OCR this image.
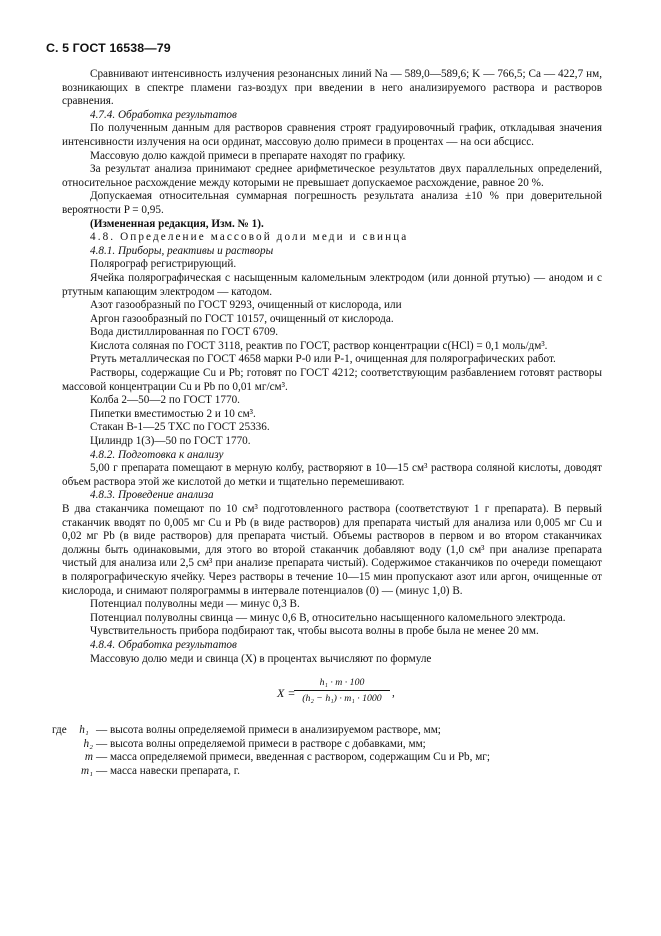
С. 5 ГОСТ 16538—79

Сравнивают интенсивность излучения резонансных линий Na — 589,0—589,6; K — 766,5; Ca — 422,7 нм, возникающих в спектре пламени газ-воздух при введении в него анализируемого раствора и растворов сравнения.

4.7.4. Обработка результатов

По полученным данным для растворов сравнения строят градуировочный график, откладывая значения интенсивности излучения на оси ординат, массовую долю примеси в процентах — на оси абсцисс.

Массовую долю каждой примеси в препарате находят по графику.

За результат анализа принимают среднее арифметическое результатов двух параллельных определений, относительное расхождение между которыми не превышает допускаемое расхождение, равное 20 %.

Допускаемая относительная суммарная погрешность результата анализа ±10 % при доверительной вероятности P = 0,95.

(Измененная редакция, Изм. № 1).

4.8. Определение массовой доли меди и свинца

4.8.1. Приборы, реактивы и растворы

Полярограф регистрирующий.

Ячейка полярографическая с насыщенным каломельным электродом (или донной ртутью) — анодом и с ртутным капающим электродом — катодом.

Азот газообразный по ГОСТ 9293, очищенный от кислорода, или

Аргон газообразный по ГОСТ 10157, очищенный от кислорода.

Вода дистиллированная по ГОСТ 6709.

Кислота соляная по ГОСТ 3118, реактив по ГОСТ, раствор концентрации c(HCl) = 0,1 моль/дм³.

Ртуть металлическая по ГОСТ 4658 марки Р-0 или Р-1, очищенная для полярографических работ.

Растворы, содержащие Cu и Pb; готовят по ГОСТ 4212; соответствующим разбавлением готовят растворы массовой концентрации Cu и Pb по 0,01 мг/см³.

Колба 2—50—2 по ГОСТ 1770.

Пипетки вместимостью 2 и 10 см³.

Стакан В-1—25 ТХС по ГОСТ 25336.

Цилиндр 1(3)—50 по ГОСТ 1770.

4.8.2. Подготовка к анализу

5,00 г препарата помещают в мерную колбу, растворяют в 10—15 см³ раствора соляной кислоты, доводят объем раствора этой же кислотой до метки и тщательно перемешивают.

4.8.3. Проведение анализа

В два стаканчика помещают по 10 см³ подготовленного раствора (соответствуют 1 г препарата). В первый стаканчик вводят по 0,005 мг Cu и Pb (в виде растворов) для препарата чистый для анализа или 0,005 мг Cu и 0,02 мг Pb (в виде растворов) для препарата чистый. Объемы растворов в первом и во втором стаканчиках должны быть одинаковыми, для этого во второй стаканчик добавляют воду (1,0 см³ при анализе препарата чистый для анализа или 2,5 см³ при анализе препарата чистый). Содержимое стаканчиков по очереди помещают в полярографическую ячейку. Через растворы в течение 10—15 мин пропускают азот или аргон, очищенные от кислорода, и снимают полярограммы в интервале потенциалов (0) — (минус 1,0) В.

Потенциал полуволны меди — минус 0,3 В.

Потенциал полуволны свинца — минус 0,6 В, относительно насыщенного каломельного электрода.

Чувствительность прибора подбирают так, чтобы высота волны в пробе была не менее 20 мм.

4.8.4. Обработка результатов

Массовую долю меди и свинца (X) в процентах вычисляют по формуле

X =
h₁ · m · 100
(h₂ − h₁) · m₁ · 1000 ,
где h₁ — высота волны определяемой примеси в анализируемом растворе, мм;
h₂ — высота волны определяемой примеси в растворе с добавками, мм;
m — масса определяемой примеси, введенная с раствором, содержащим Cu и Pb, мг;
m₁ — масса навески препарата, г.
